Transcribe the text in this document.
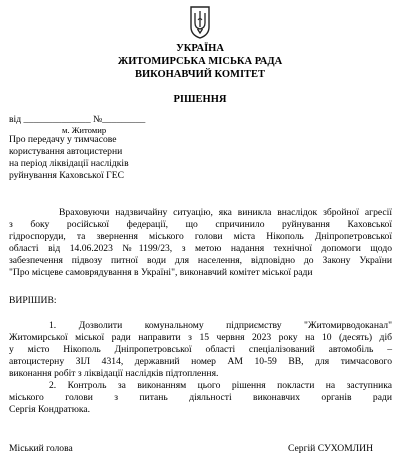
УКРАЇНА
ЖИТОМИРСЬКА МІСЬКА РАДА
ВИКОНАВЧИЙ КОМІТЕТ
РІШЕННЯ
від ______________ №_________
м. Житомир
Про передачу у тимчасове
користування автоцистерни
на період ліквідації наслідків
руйнування Каховської ГЕС
Враховуючи надзвичайну ситуацію, яка виникла внаслідок збройної агресії
з боку російської федерації, що спричинило руйнування Каховської
гідроспоруди, та звернення міського голови міста Нікополь Дніпропетровської
області від 14.06.2023 №1199/23, з метою надання технічної допомоги щодо
забезпечення підвозу питної води для населення, відповідно до Закону України
"Про місцеве самоврядування в Україні", виконавчий комітет міської ради
ВИРІШИВ:
1. Дозволити комунальному підприємству "Житомирводоканал"
Житомирської міської ради направити з 15 червня 2023 року на 10 (десять) діб
у місто Нікополь Дніпропетровської області спеціалізований автомобіль –
автоцистерну ЗІЛ 4314, державний номер АМ 10-59 ВВ, для тимчасового
виконання робіт з ліквідації наслідків підтоплення.
2. Контроль за виконанням цього рішення покласти на заступника
міського голови з питань діяльності виконавчих органів ради
Сергія Кондратюка.
Міський голова	Сергій СУХОМЛИН
